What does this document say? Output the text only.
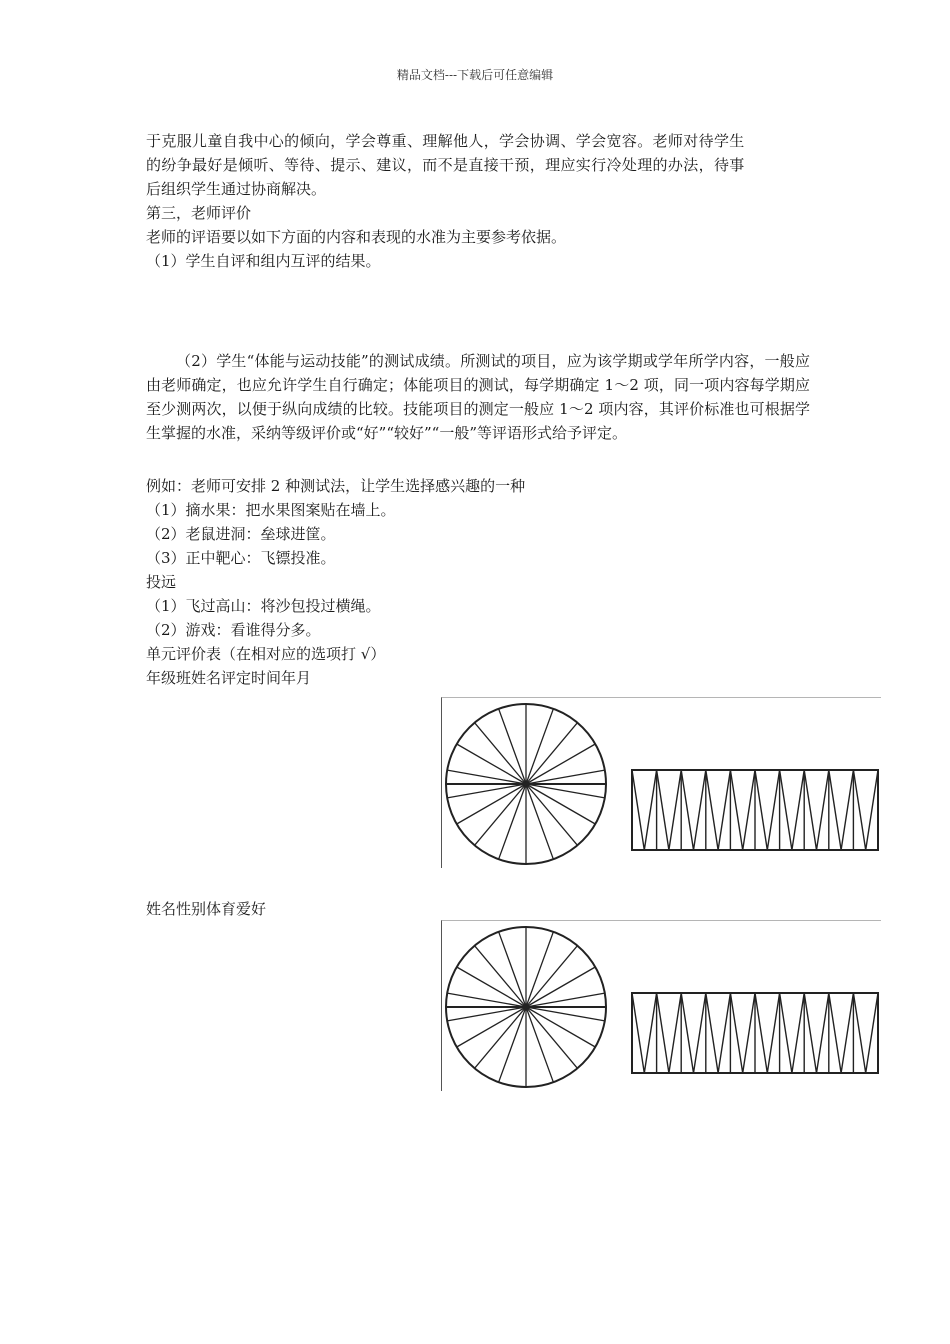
精品文档---下载后可任意编辑
于克服儿童自我中心的倾向，学会尊重、理解他人，学会协调、学会宽容。老师对待学生
的纷争最好是倾听、等待、提示、建议，而不是直接干预，理应实行冷处理的办法，待事
后组织学生通过协商解决。
第三，老师评价
老师的评语要以如下方面的内容和表现的水准为主要参考依据。
（1）学生自评和组内互评的结果。
（2）学生“体能与运动技能”的测试成绩。所测试的项目，应为该学期或学年所学内容，一般应由老师确定，也应允许学生自行确定；体能项目的测试，每学期确定 1～2 项，同一项内容每学期应至少测两次，以便于纵向成绩的比较。技能项目的测定一般应 1～2 项内容，其评价标准也可根据学生掌握的水准，采纳等级评价或“好”“较好”“一般”等评语形式给予评定。
例如：老师可安排 2 种测试法，让学生选择感兴趣的一种
（1）摘水果：把水果图案贴在墙上。
（2）老鼠进洞：垒球进筐。
（3）正中靶心：飞镖投准。
投远
（1）飞过高山：将沙包投过横绳。
（2）游戏：看谁得分多。
单元评价表（在相对应的选项打 √）
年级班姓名评定时间年月
姓名性别体育爱好
